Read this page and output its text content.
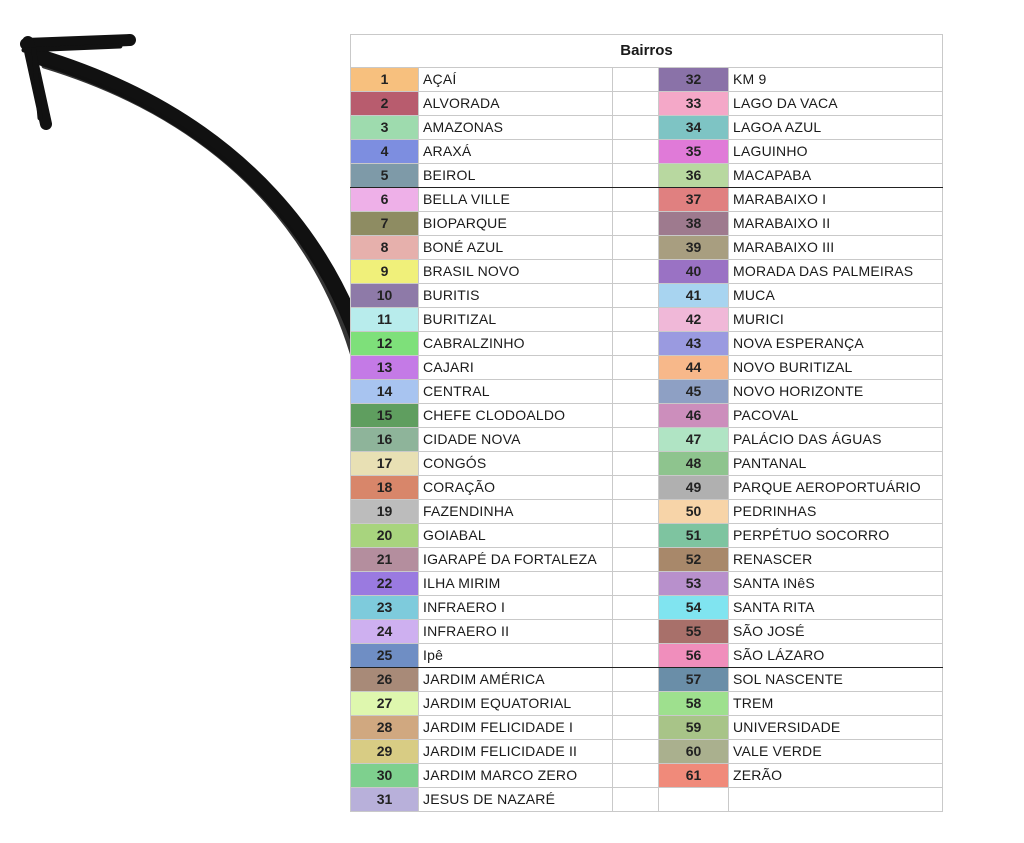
Bairros				
1	AÇAÍ		32	KM 9
2	ALVORADA		33	LAGO DA VACA
3	AMAZONAS		34	LAGOA AZUL
4	ARAXÁ		35	LAGUINHO
5	BEIROL		36	MACAPABA
6	BELLA VILLE		37	MARABAIXO I
7	BIOPARQUE		38	MARABAIXO II
8	BONÉ AZUL		39	MARABAIXO III
9	BRASIL NOVO		40	MORADA DAS PALMEIRAS
10	BURITIS		41	MUCA
11	BURITIZAL		42	MURICI
12	CABRALZINHO		43	NOVA ESPERANÇA
13	CAJARI		44	NOVO BURITIZAL
14	CENTRAL		45	NOVO HORIZONTE
15	CHEFE CLODOALDO		46	PACOVAL
16	CIDADE NOVA		47	PALÁCIO DAS ÁGUAS
17	CONGÓS		48	PANTANAL
18	CORAÇÃO		49	PARQUE AEROPORTUÁRIO
19	FAZENDINHA		50	PEDRINHAS
20	GOIABAL		51	PERPÉTUO SOCORRO
21	IGARAPÉ DA FORTALEZA		52	RENASCER
22	ILHA MIRIM		53	SANTA INêS
23	INFRAERO I		54	SANTA RITA
24	INFRAERO II		55	SÃO JOSÉ
25	Ipê		56	SÃO LÁZARO
26	JARDIM AMÉRICA		57	SOL NASCENTE
27	JARDIM EQUATORIAL		58	TREM
28	JARDIM FELICIDADE I		59	UNIVERSIDADE
29	JARDIM FELICIDADE II		60	VALE VERDE
30	JARDIM MARCO ZERO		61	ZERÃO
31	JESUS DE NAZARÉ			
